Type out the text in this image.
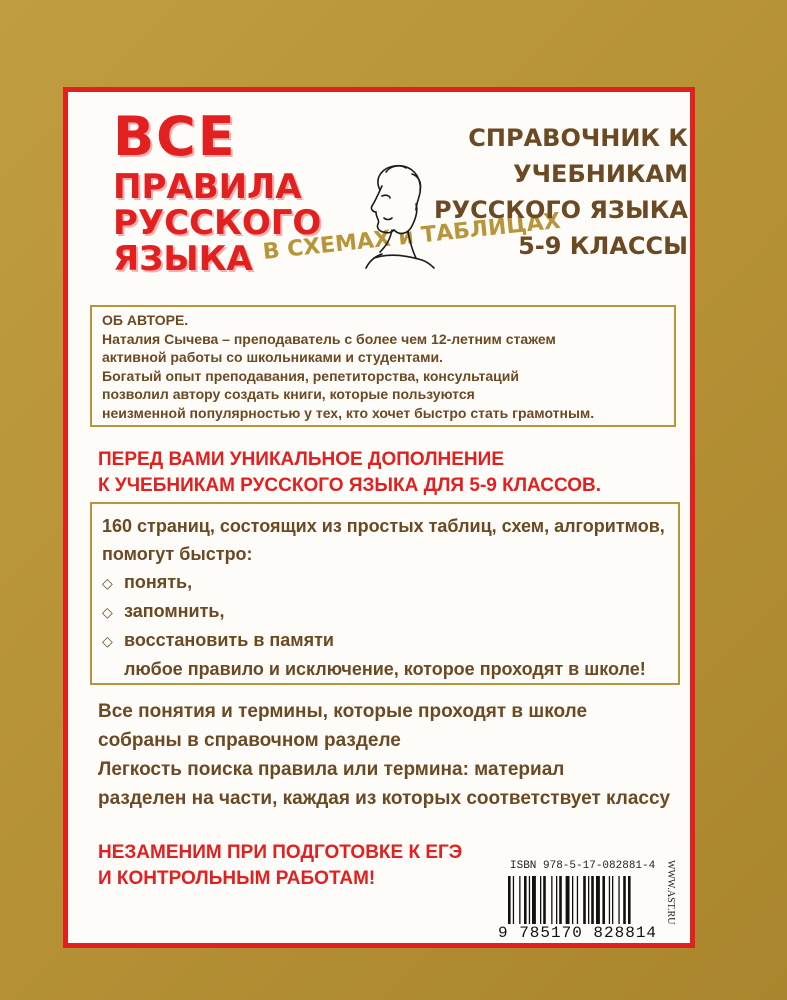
ВСЕ
ПРАВИЛА
РУССКОГО
ЯЗЫКА В СХЕМАХ и ТАБЛИЦАХ
СПРАВОЧНИК К УЧЕБНИКАМ
РУССКОГО ЯЗЫКА
5-9 КЛАССЫ
ОБ АВТОРЕ.
Наталия Сычева – преподаватель с более чем 12-летним стажем
активной работы со школьниками и студентами.
Богатый опыт преподавания, репетиторства, консультаций
позволил автору создать книги, которые пользуются
неизменной популярностью у тех, кто хочет быстро стать грамотным.
ПЕРЕД ВАМИ УНИКАЛЬНОЕ ДОПОЛНЕНИЕ
К УЧЕБНИКАМ РУССКОГО ЯЗЫКА ДЛЯ 5-9 КЛАССОВ.
160 страниц, состоящих из простых таблиц, схем, алгоритмов,
помогут быстро:
◇ понять,
◇ запомнить,
◇ восстановить в памяти
любое правило и исключение, которое проходят в школе!
Все понятия и термины, которые проходят в школе
собраны в справочном разделе
Легкость поиска правила или термина: материал
разделен на части, каждая из которых соответствует классу
НЕЗАМЕНИМ ПРИ ПОДГОТОВКЕ К ЕГЭ
И КОНТРОЛЬНЫМ РАБОТАМ!
ISBN 978-5-17-082881-4
9 785170 828814
WWW.AST.RU
